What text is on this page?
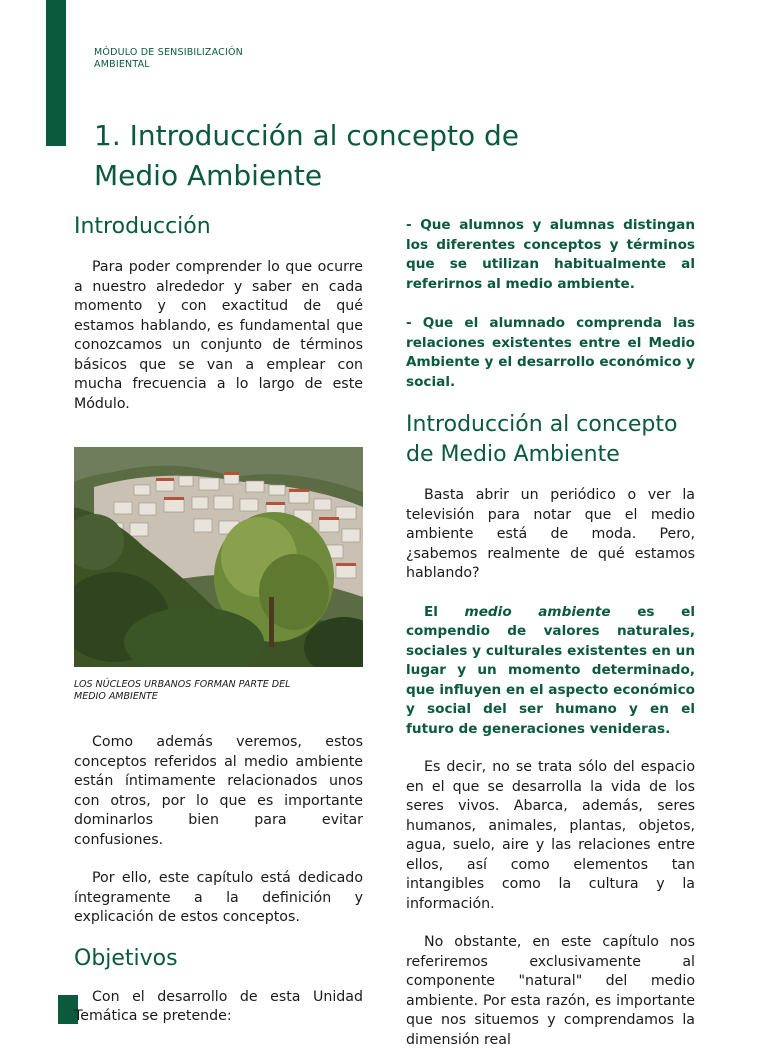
MÓDULO DE SENSIBILIZACIÓN AMBIENTAL
1. Introducción al concepto de
Medio Ambiente
Introducción

Para poder comprender lo que ocurre a nuestro alrededor y saber en cada momento y con exactitud de qué estamos hablando, es fundamental que conozcamos un conjunto de términos básicos que se van a emplear con mucha frecuencia a lo largo de este Módulo.

LOS NÚCLEOS URBANOS FORMAN PARTE DEL
MEDIO AMBIENTE

Como además veremos, estos conceptos referidos al medio ambiente están íntimamente relacionados unos con otros, por lo que es importante dominarlos bien para evitar confusiones.

Por ello, este capítulo está dedicado íntegramente a la definición y explicación de estos conceptos.

Objetivos

Con el desarrollo de esta Unidad Temática se pretende:

- Que alumnos y alumnas distingan los diferentes conceptos y términos que se utilizan habitualmente al referirnos al medio ambiente.

- Que el alumnado comprenda las relaciones existentes entre el Medio Ambiente y el desarrollo económico y social.

Introducción al concepto
de Medio Ambiente

Basta abrir un periódico o ver la televisión para notar que el medio ambiente está de moda. Pero, ¿sabemos realmente de qué estamos hablando?

El medio ambiente es el compendio de valores naturales, sociales y culturales existentes en un lugar y un momento determinado, que influyen en el aspecto económico y social del ser humano y en el futuro de generaciones venideras.

Es decir, no se trata sólo del espacio en el que se desarrolla la vida de los seres vivos. Abarca, además, seres humanos, animales, plantas, objetos, agua, suelo, aire y las relaciones entre ellos, así como elementos tan intangibles como la cultura y la información.

No obstante, en este capítulo nos referiremos exclusivamente al componente "natural" del medio ambiente. Por esta razón, es importante que nos situemos y comprendamos la dimensión real
